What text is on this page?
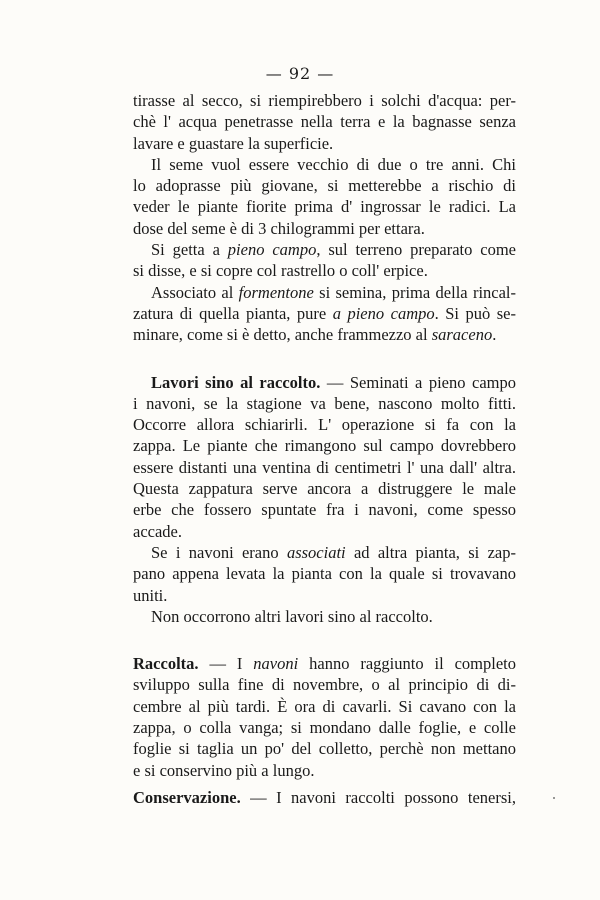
— 92 —
tirasse al secco, si riempirebbero i solchi d'acqua: per-
chè l' acqua penetrasse nella terra e la bagnasse senza
lavare e guastare la superficie.
Il seme vuol essere vecchio di due o tre anni. Chi
lo adoprasse più giovane, si metterebbe a rischio di
veder le piante fiorite prima d' ingrossar le radici. La
dose del seme è di 3 chilogrammi per ettara.
Si getta a pieno campo, sul terreno preparato come
si disse, e si copre col rastrello o coll' erpice.
Associato al formentone si semina, prima della rincal-
zatura di quella pianta, pure a pieno campo. Si può se-
minare, come si è detto, anche frammezzo al saraceno.
Lavori sino al raccolto. — Seminati a pieno campo
i navoni, se la stagione va bene, nascono molto fitti.
Occorre allora schiarirli. L' operazione si fa con la
zappa. Le piante che rimangono sul campo dovrebbero
essere distanti una ventina di centimetri l' una dall' altra.
Questa zappatura serve ancora a distruggere le male
erbe che fossero spuntate fra i navoni, come spesso
accade.
Se i navoni erano associati ad altra pianta, si zap-
pano appena levata la pianta con la quale si trovavano
uniti.
Non occorrono altri lavori sino al raccolto.
Raccolta. — I navoni hanno raggiunto il completo
sviluppo sulla fine di novembre, o al principio di di-
cembre al più tardi. È ora di cavarli. Si cavano con la
zappa, o colla vanga; si mondano dalle foglie, e colle
foglie si taglia un po' del colletto, perchè non mettano
e si conservino più a lungo.
Conservazione. — I navoni raccolti possono tenersi,
